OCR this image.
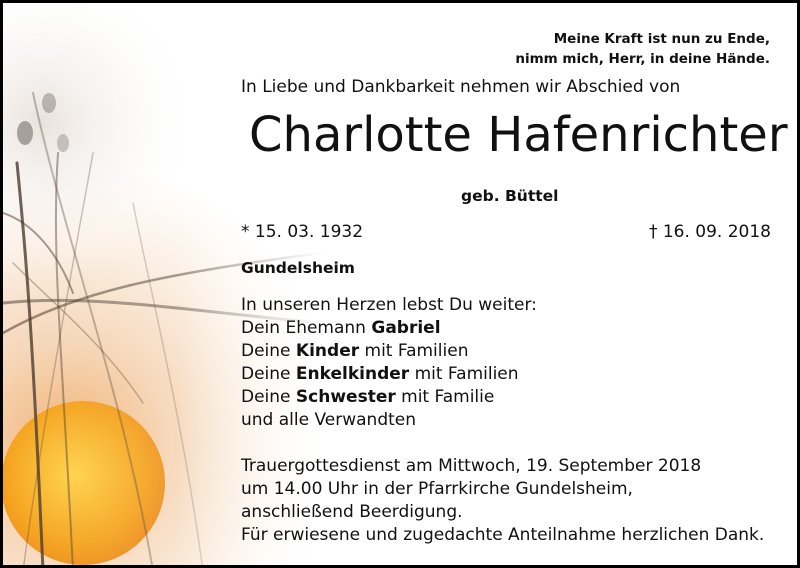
Meine Kraft ist nun zu Ende,
nimm mich, Herr, in deine Hände.
In Liebe und Dankbarkeit nehmen wir Abschied von
Charlotte Hafenrichter
geb. Büttel
* 15. 03. 1932	† 16. 09. 2018
Gundelsheim
In unseren Herzen lebst Du weiter:
Dein Ehemann Gabriel
Deine Kinder mit Familien
Deine Enkelkinder mit Familien
Deine Schwester mit Familie
und alle Verwandten
Trauergottesdienst am Mittwoch, 19. September 2018
um 14.00 Uhr in der Pfarrkirche Gundelsheim,
anschließend Beerdigung.
Für erwiesene und zugedachte Anteilnahme herzlichen Dank.
